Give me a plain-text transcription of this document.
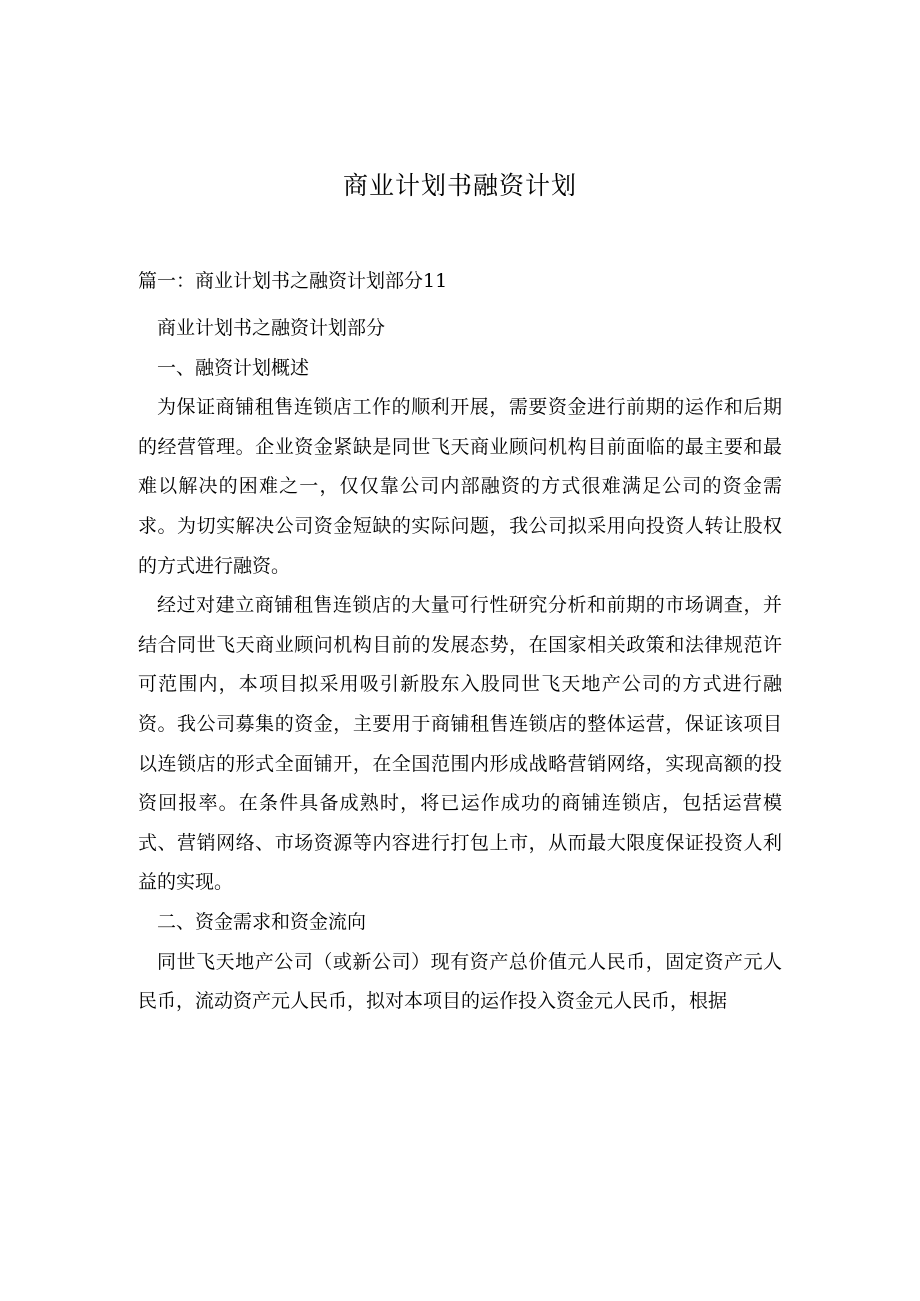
商业计划书融资计划
篇一：商业计划书之融资计划部分11

商业计划书之融资计划部分

一、融资计划概述

为保证商铺租售连锁店工作的顺利开展，需要资金进行前期的运作和后期的经营管理。企业资金紧缺是同世飞天商业顾问机构目前面临的最主要和最难以解决的困难之一，仅仅靠公司内部融资的方式很难满足公司的资金需求。为切实解决公司资金短缺的实际问题，我公司拟采用向投资人转让股权的方式进行融资。

经过对建立商铺租售连锁店的大量可行性研究分析和前期的市场调查，并结合同世飞天商业顾问机构目前的发展态势，在国家相关政策和法律规范许可范围内，本项目拟采用吸引新股东入股同世飞天地产公司的方式进行融资。我公司募集的资金，主要用于商铺租售连锁店的整体运营，保证该项目以连锁店的形式全面铺开，在全国范围内形成战略营销网络，实现高额的投资回报率。在条件具备成熟时，将已运作成功的商铺连锁店，包括运营模式、营销网络、市场资源等内容进行打包上市，从而最大限度保证投资人利益的实现。

二、资金需求和资金流向

同世飞天地产公司（或新公司）现有资产总价值元人民币，固定资产元人民币，流动资产元人民币，拟对本项目的运作投入资金元人民币，根据
